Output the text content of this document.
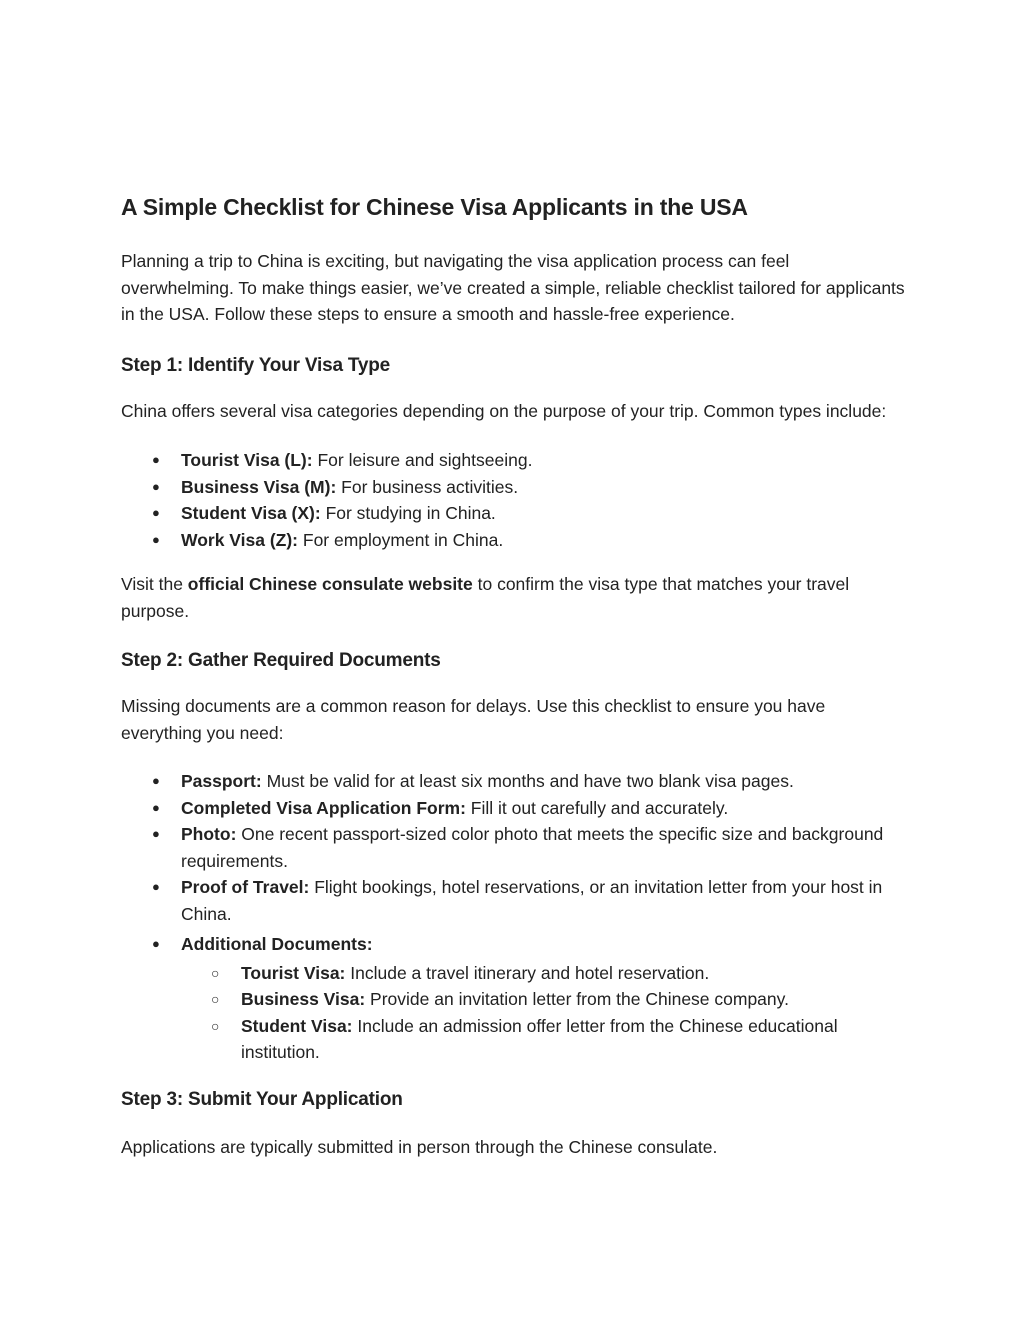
A Simple Checklist for Chinese Visa Applicants in the USA

Planning a trip to China is exciting, but navigating the visa application process can feel overwhelming. To make things easier, we’ve created a simple, reliable checklist tailored for applicants in the USA. Follow these steps to ensure a smooth and hassle-free experience.

Step 1: Identify Your Visa Type

China offers several visa categories depending on the purpose of your trip. Common types include:

● Tourist Visa (L): For leisure and sightseeing.
● Business Visa (M): For business activities.
● Student Visa (X): For studying in China.
● Work Visa (Z): For employment in China.

Visit the official Chinese consulate website to confirm the visa type that matches your travel purpose.

Step 2: Gather Required Documents

Missing documents are a common reason for delays. Use this checklist to ensure you have everything you need:

● Passport: Must be valid for at least six months and have two blank visa pages.
● Completed Visa Application Form: Fill it out carefully and accurately.
● Photo: One recent passport-sized color photo that meets the specific size and background requirements.
● Proof of Travel: Flight bookings, hotel reservations, or an invitation letter from your host in China.
● Additional Documents:
○ Tourist Visa: Include a travel itinerary and hotel reservation.
○ Business Visa: Provide an invitation letter from the Chinese company.
○ Student Visa: Include an admission offer letter from the Chinese educational institution.
Step 3: Submit Your Application

Applications are typically submitted in person through the Chinese consulate.
